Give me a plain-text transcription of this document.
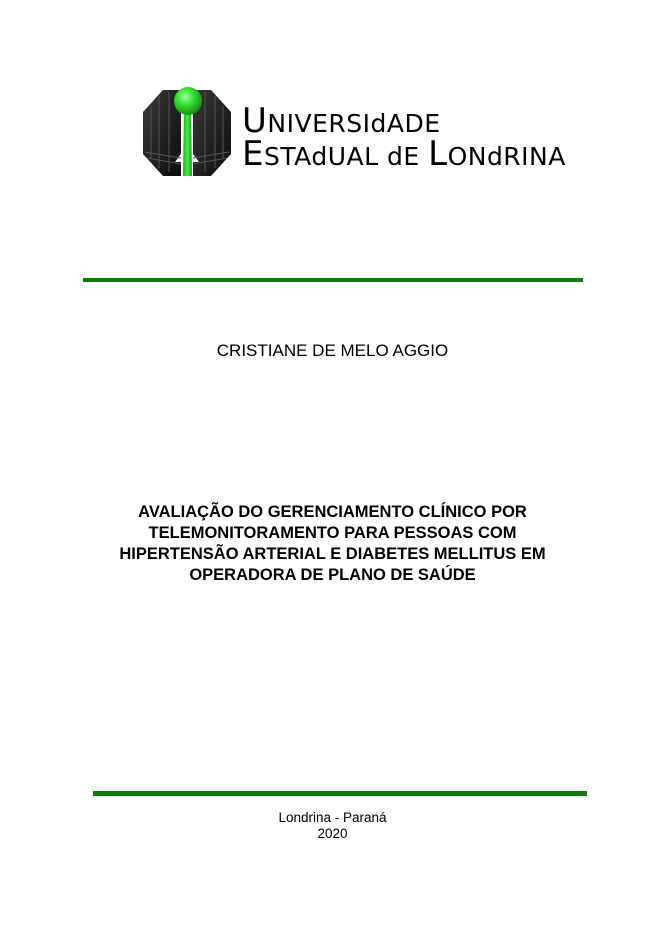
UNIVERSIdADE
ESTAdUAL dE LONdRINA
CRISTIANE DE MELO AGGIO
AVALIAÇÃO DO GERENCIAMENTO CLÍNICO POR
TELEMONITORAMENTO PARA PESSOAS COM
HIPERTENSÃO ARTERIAL E DIABETES MELLITUS EM
OPERADORA DE PLANO DE SAÚDE
Londrina - Paraná
2020
